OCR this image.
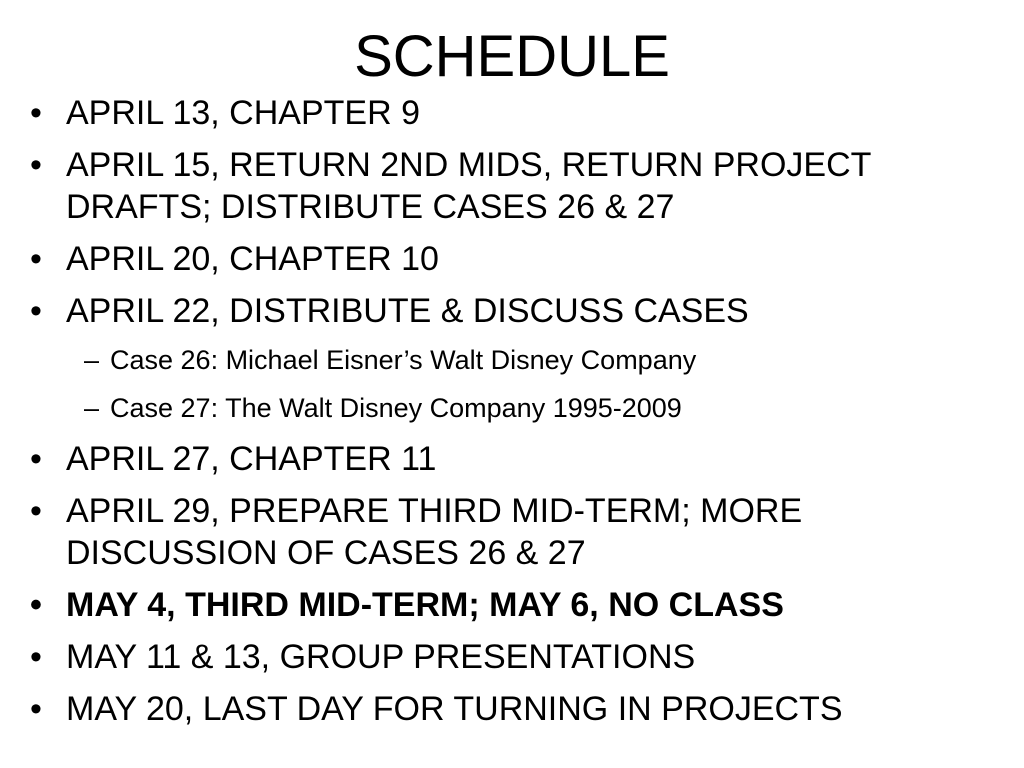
SCHEDULE
• APRIL 13, CHAPTER 9
• APRIL 15, RETURN 2ND MIDS, RETURN PROJECT DRAFTS; DISTRIBUTE CASES 26 & 27
• APRIL 20, CHAPTER 10
• APRIL 22, DISTRIBUTE & DISCUSS CASES
– Case 26: Michael Eisner’s Walt Disney Company
– Case 27: The Walt Disney Company 1995-2009
• APRIL 27, CHAPTER 11
• APRIL 29, PREPARE THIRD MID-TERM; MORE DISCUSSION OF CASES 26 & 27
• MAY 4, THIRD MID-TERM; MAY 6, NO CLASS
• MAY 11 & 13, GROUP PRESENTATIONS
• MAY 20, LAST DAY FOR TURNING IN PROJECTS
